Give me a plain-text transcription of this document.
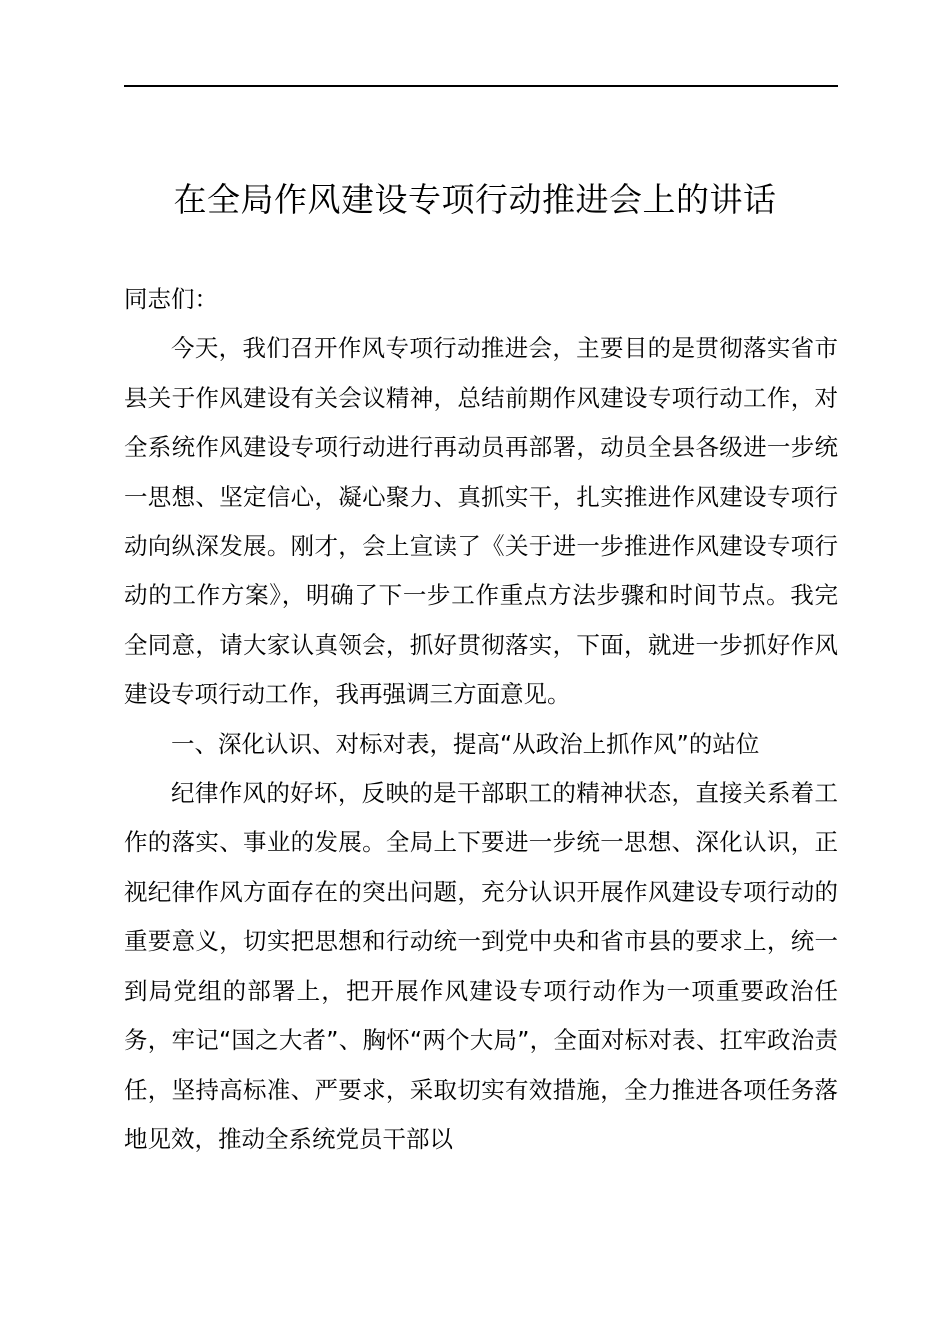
在全局作风建设专项行动推进会上的讲话

同志们：

今天，我们召开作风专项行动推进会，主要目的是贯彻落实省市县关于作风建设有关会议精神，总结前期作风建设专项行动工作，对全系统作风建设专项行动进行再动员再部署，动员全县各级进一步统一思想、坚定信心，凝心聚力、真抓实干，扎实推进作风建设专项行动向纵深发展。刚才，会上宣读了《关于进一步推进作风建设专项行动的工作方案》，明确了下一步工作重点方法步骤和时间节点。我完全同意，请大家认真领会，抓好贯彻落实，下面，就进一步抓好作风建设专项行动工作，我再强调三方面意见。

一、深化认识、对标对表，提高“从政治上抓作风”的站位

纪律作风的好坏，反映的是干部职工的精神状态，直接关系着工作的落实、事业的发展。全局上下要进一步统一思想、深化认识，正视纪律作风方面存在的突出问题，充分认识开展作风建设专项行动的重要意义，切实把思想和行动统一到党中央和省市县的要求上，统一到局党组的部署上，把开展作风建设专项行动作为一项重要政治任务，牢记“国之大者”、胸怀“两个大局”，全面对标对表、扛牢政治责任，坚持高标准、严要求，采取切实有效措施，全力推进各项任务落地见效，推动全系统党员干部以
